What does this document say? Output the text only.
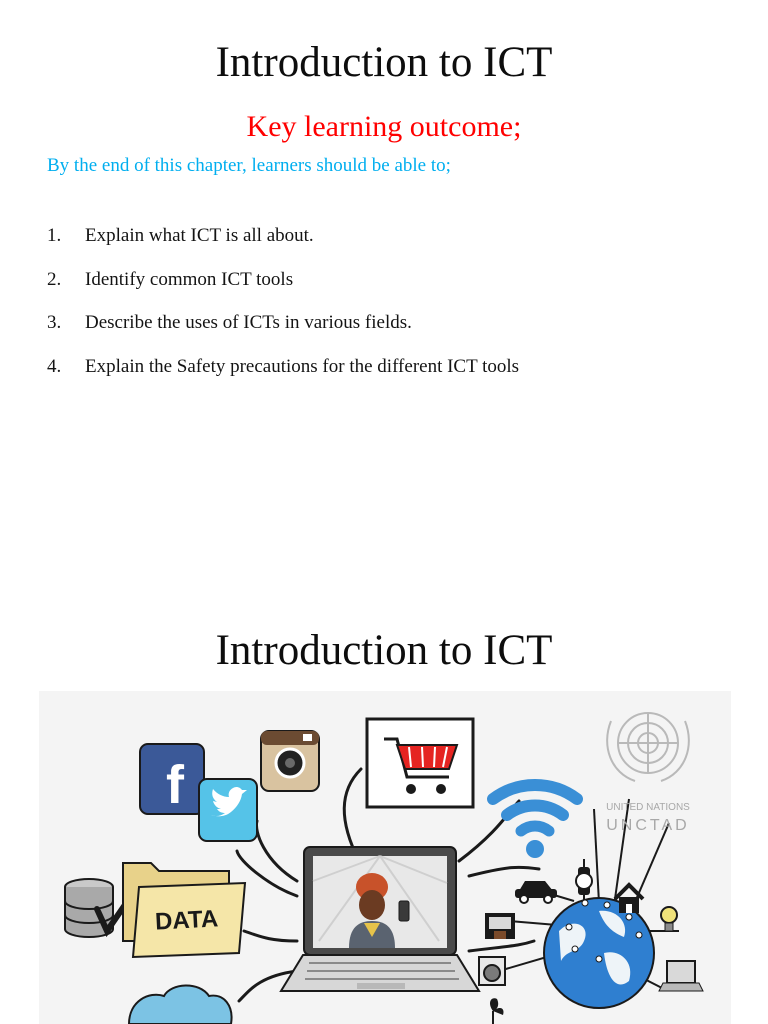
Introduction to ICT
Key learning outcome;
By the end of this chapter, learners should be able to;
1.	Explain what ICT is all about.
2.	Identify common ICT tools
3.	Describe the uses of ICTs in various fields.
4.	Explain the Safety precautions for the different ICT tools
Introduction to ICT
f	UNITED NATIONS
UNCTAD
DATA
